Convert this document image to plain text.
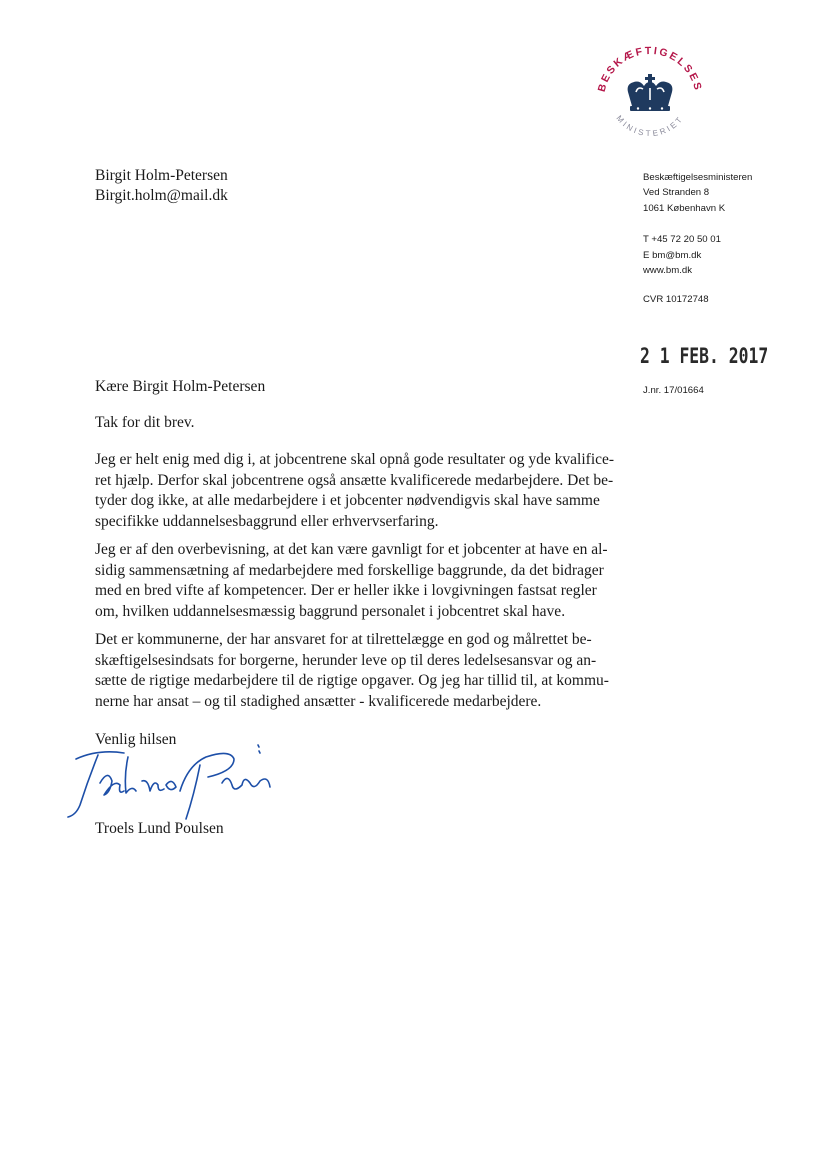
BESKÆFTIGELSES
MINISTERIET
Birgit Holm-Petersen
Birgit.holm@mail.dk
Beskæftigelsesministeren
Ved Stranden 8
1061 København K
T +45 72 20 50 01
E bm@bm.dk
www.bm.dk
CVR 10172748
2 1 FEB. 2017
J.nr. 17/01664
Kære Birgit Holm-Petersen
Tak for dit brev.
Jeg er helt enig med dig i, at jobcentrene skal opnå gode resultater og yde kvalificе-
ret hjælp. Derfor skal jobcentrene også ansætte kvalificerede medarbejdere. Det be-
tyder dog ikke, at alle medarbejdere i et jobcenter nødvendigvis skal have samme
specifikke uddannelsesbaggrund eller erhvervserfaring.
Jeg er af den overbevisning, at det kan være gavnligt for et jobcenter at have en al-
sidig sammensætning af medarbejdere med forskellige baggrunde, da det bidrager
med en bred vifte af kompetencer. Der er heller ikke i lovgivningen fastsat regler
om, hvilken uddannelsesmæssig baggrund personalet i jobcentret skal have.
Det er kommunerne, der har ansvaret for at tilrettelægge en god og målrettet be-
skæftigelsesindsats for borgerne, herunder leve op til deres ledelsesansvar og an-
sætte de rigtige medarbejdere til de rigtige opgaver. Og jeg har tillid til, at kommu-
nerne har ansat – og til stadighed ansætter - kvalificerede medarbejdere.
Venlig hilsen
Troels Lund Poulsen
